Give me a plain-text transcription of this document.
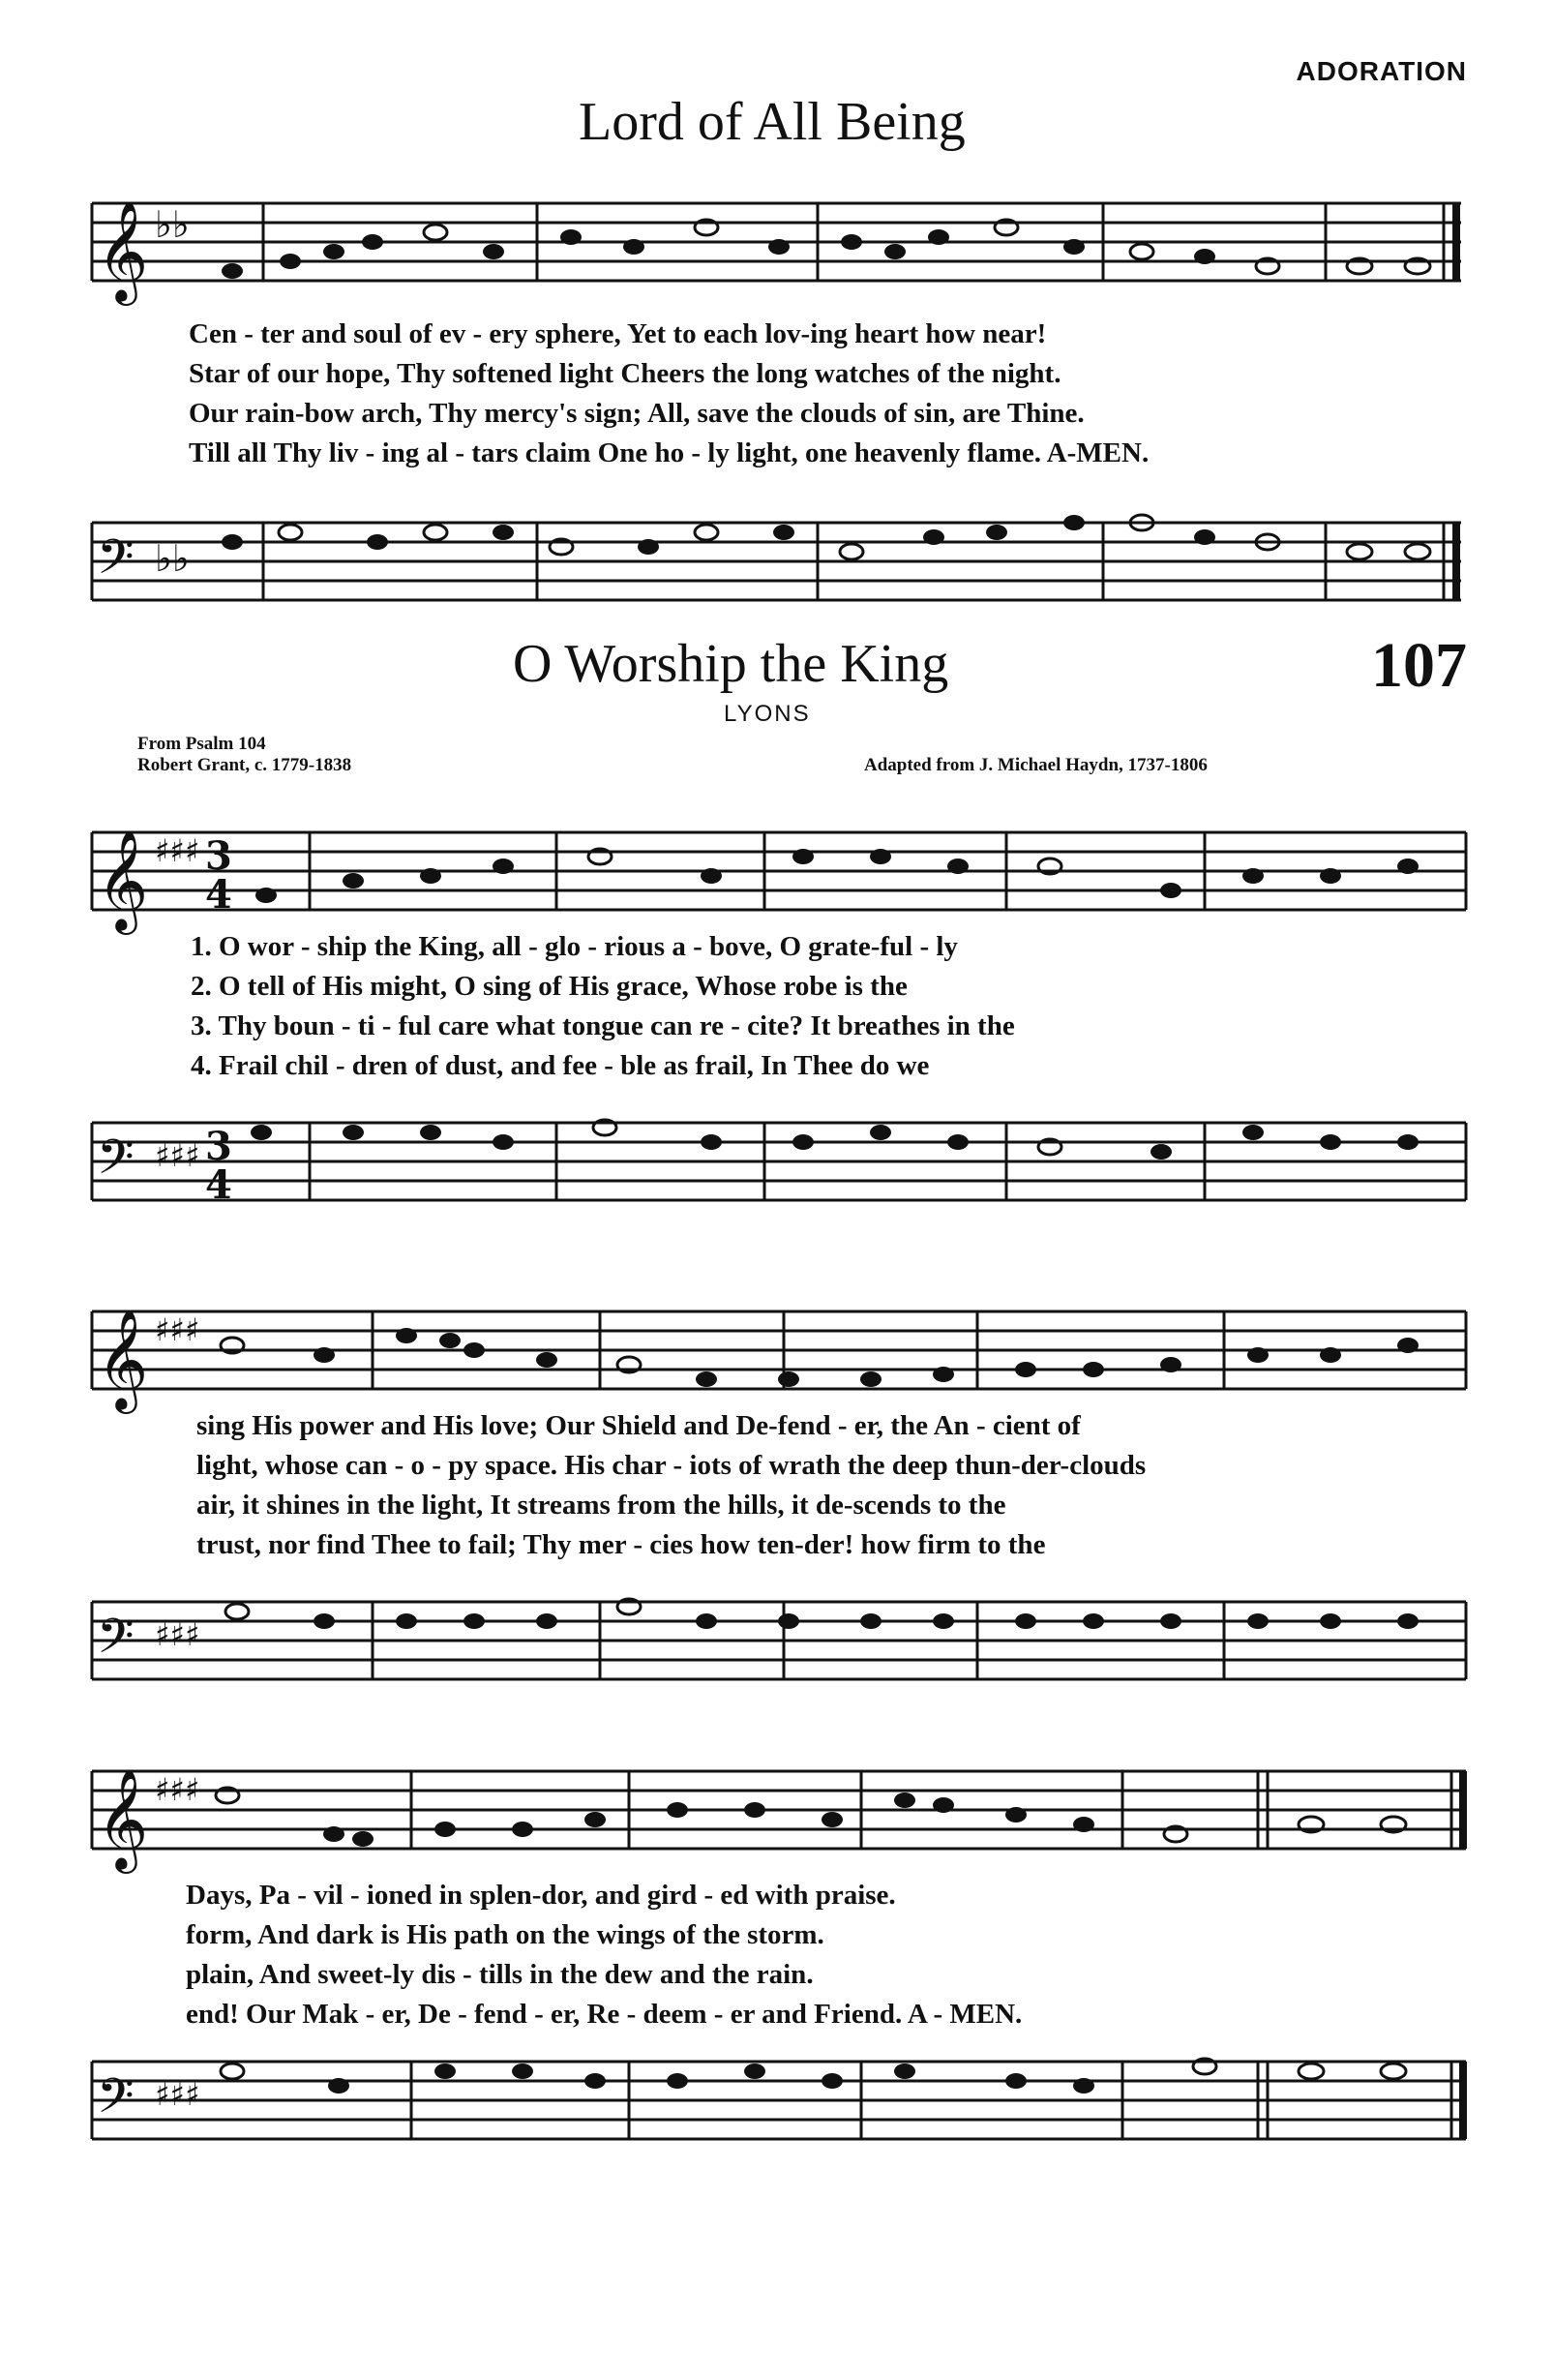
ADORATION
Lord of All Being
𝄞 ♭♭
Cen - ter and soul of ev - ery sphere, Yet to each lov-ing heart how near!
Star of our hope, Thy softened light Cheers the long watches of the night.
Our rain-bow arch, Thy mercy's sign; All, save the clouds of sin, are Thine.
Till all Thy liv - ing al - tars claim One ho - ly light, one heavenly flame. A-MEN.
𝄢 ♭♭
O Worship the King	107
LYONS
From Psalm 104
Robert Grant, c. 1779-1838	Adapted from J. Michael Haydn, 1737-1806
𝄞 ♯♯♯ 3
4
1. O wor - ship the King, all - glo - rious a - bove, O grate-ful - ly
2. O tell of His might, O sing of His grace, Whose robe is the
3. Thy boun - ti - ful care what tongue can re - cite? It breathes in the
4. Frail chil - dren of dust, and fee - ble as frail, In Thee do we
𝄢 ♯♯♯ 3
4
𝄞 ♯♯♯
sing His power and His love; Our Shield and De-fend - er, the An - cient of
light, whose can - o - py space. His char - iots of wrath the deep thun-der-clouds
air, it shines in the light, It streams from the hills, it de-scends to the
trust, nor find Thee to fail; Thy mer - cies how ten-der! how firm to the
𝄢 ♯♯♯
𝄞 ♯♯♯
Days, Pa - vil - ioned in splen-dor, and gird - ed with praise.
form, And dark is His path on the wings of the storm.
plain, And sweet-ly dis - tills in the dew and the rain.
end! Our Mak - er, De - fend - er, Re - deem - er and Friend. A - MEN.
𝄢 ♯♯♯
